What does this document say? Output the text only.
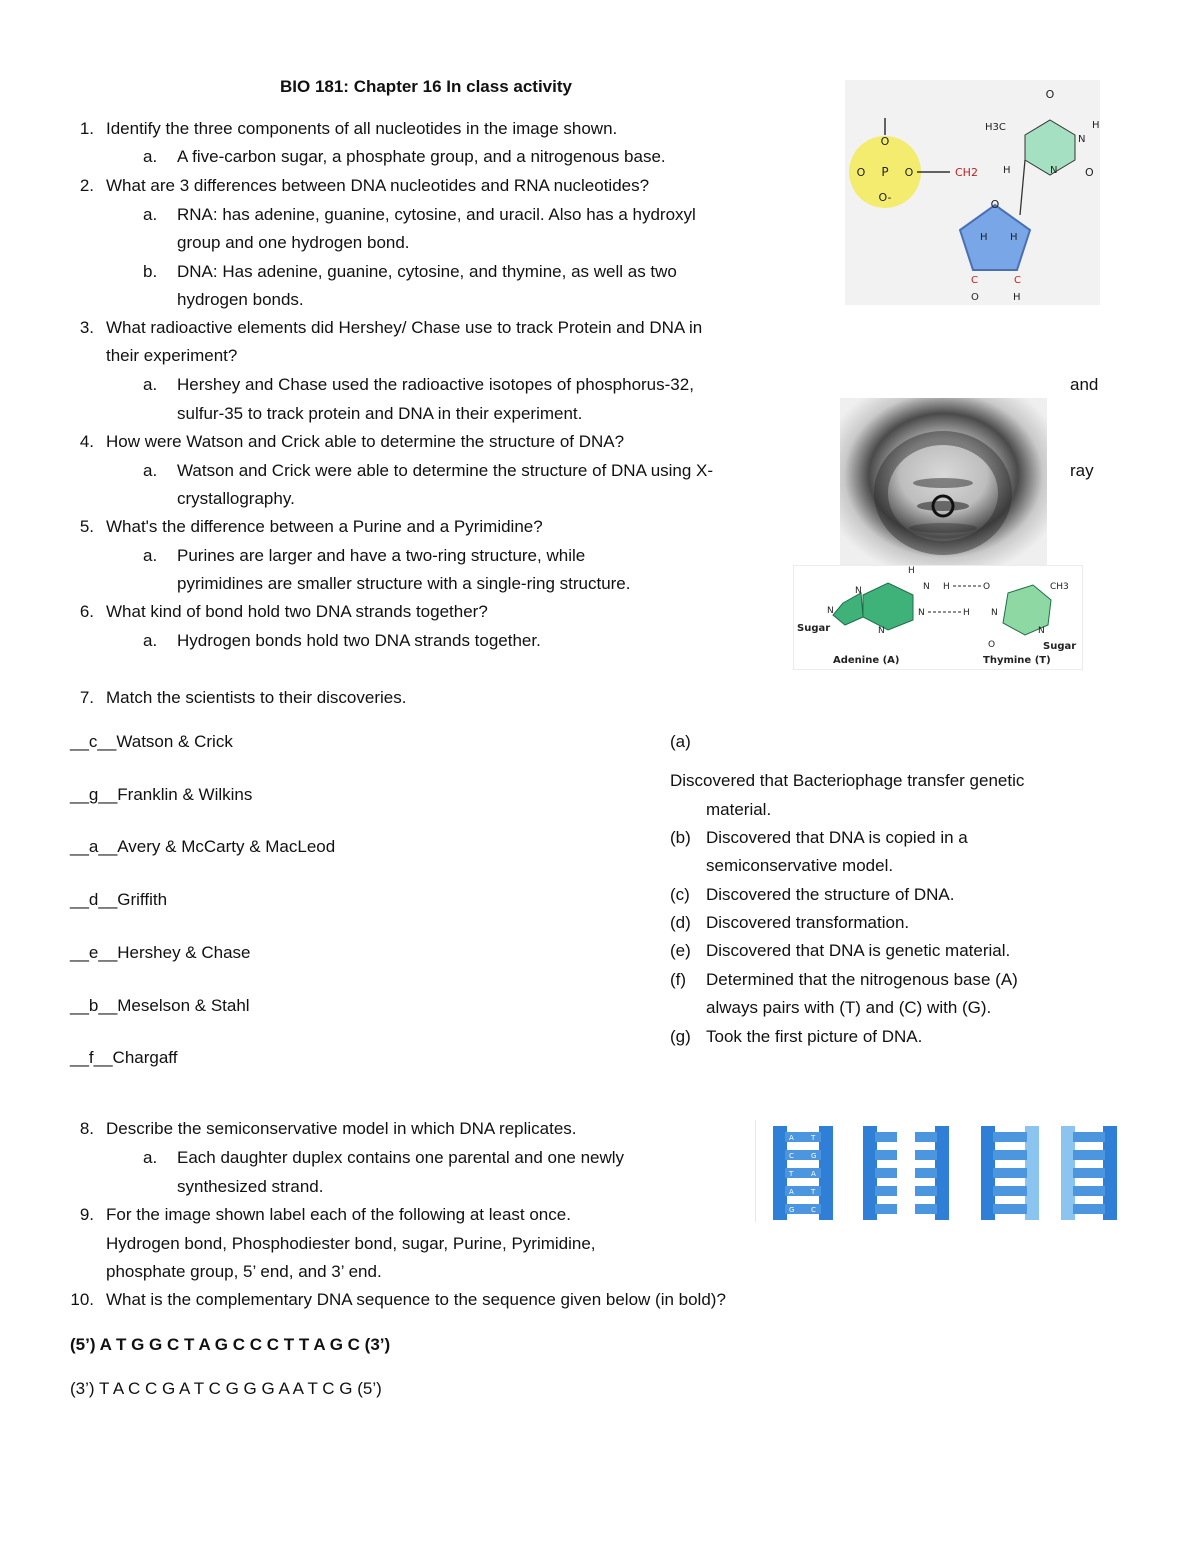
BIO 181: Chapter 16 In class activity
1. Identify the three components of all nucleotides in the image shown.
a. A five-carbon sugar, a phosphate group, and a nitrogenous base.
2. What are 3 differences between DNA nucleotides and RNA nucleotides?
a. RNA: has adenine, guanine, cytosine, and uracil. Also has a hydroxyl
group and one hydrogen bond.
b. DNA: Has adenine, guanine, cytosine, and thymine, as well as two
hydrogen bonds.
3. What radioactive elements did Hershey/ Chase use to track Protein and DNA in
their experiment?
a. Hershey and Chase used the radioactive isotopes of phosphorus-32,	and
sulfur-35 to track protein and DNA in their experiment.
4. How were Watson and Crick able to determine the structure of DNA?
a. Watson and Crick were able to determine the structure of DNA using X-	ray
crystallography.
5. What's the difference between a Purine and a Pyrimidine?
a. Purines are larger and have a two-ring structure, while
pyrimidines are smaller structure with a single-ring structure.
6. What kind of bond hold two DNA strands together?
a. Hydrogen bonds hold two DNA strands together.
7. Match the scientists to their discoveries.
__c__Watson & Crick
__g__Franklin & Wilkins
__a__Avery & McCarty & MacLeod
__d__Griffith
__e__Hershey & Chase
__b__Meselson & Stahl
__f__Chargaff
(a)
Discovered that Bacteriophage transfer genetic
material.
(b) Discovered that DNA is copied in a
semiconservative model.
(c) Discovered the structure of DNA.
(d) Discovered transformation.
(e) Discovered that DNA is genetic material.
(f) Determined that the nitrogenous base (A)
always pairs with (T) and (C) with (G).
(g) Took the first picture of DNA.
8. Describe the semiconservative model in which DNA replicates.
a. Each daughter duplex contains one parental and one newly
synthesized strand.
9. For the image shown label each of the following at least once.
Hydrogen bond, Phosphodiester bond, sugar, Purine, Pyrimidine,
phosphate group, 5’ end, and 3’ end.
10. What is the complementary DNA sequence to the sequence given below (in bold)?
(5’) A T G G C T A G C C C T T A G C (3’)
(3’) T A C C G A T C G G G A A T C G (5’)
O
O P O
O-
CH2
O
H H
C	C
O	H
O
H3C
N
H
N	O
H
N
H
N H	O	CH3
N	H N
N
N	N
O
Sugar
Sugar
Adenine (A)	Thymine (T)
A T
C G
T	A
A T
G C
